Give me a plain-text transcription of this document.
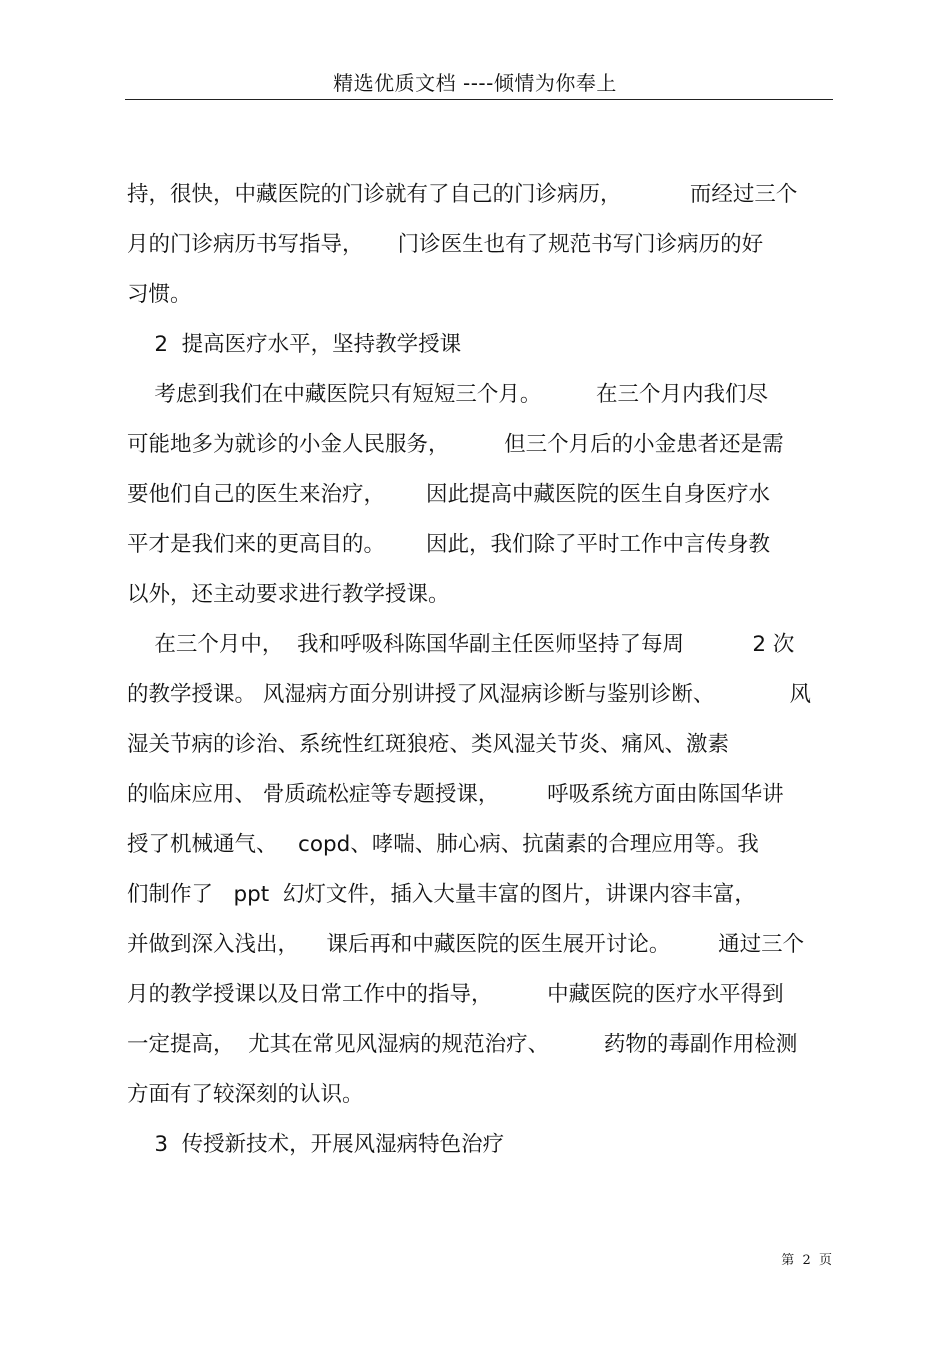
精选优质文档 ----倾情为你奉上
持，很快，中藏医院的门诊就有了自己的门诊病历，          而经过三个
月的门诊病历书写指导，     门诊医生也有了规范书写门诊病历的好
习惯。
2  提高医疗水平，坚持教学授课
考虑到我们在中藏医院只有短短三个月。        在三个月内我们尽
可能地多为就诊的小金人民服务，        但三个月后的小金患者还是需
要他们自己的医生来治疗，      因此提高中藏医院的医生自身医疗水
平才是我们来的更高目的。      因此，我们除了平时工作中言传身教
以外，还主动要求进行教学授课。
在三个月中，  我和呼吸科陈国华副主任医师坚持了每周          2 次
的教学授课。 风湿病方面分别讲授了风湿病诊断与鉴别诊断、           风
湿关节病的诊治、系统性红斑狼疮、类风湿关节炎、痛风、激素
的临床应用、 骨质疏松症等专题授课，       呼吸系统方面由陈国华讲
授了机械通气、   copd、哮喘、肺心病、抗菌素的合理应用等。我
们制作了   ppt  幻灯文件，插入大量丰富的图片，讲课内容丰富，
并做到深入浅出，    课后再和中藏医院的医生展开讨论。       通过三个
月的教学授课以及日常工作中的指导，        中藏医院的医疗水平得到
一定提高，  尤其在常见风湿病的规范治疗、        药物的毒副作用检测
方面有了较深刻的认识。
3  传授新技术，开展风湿病特色治疗
第  2  页
